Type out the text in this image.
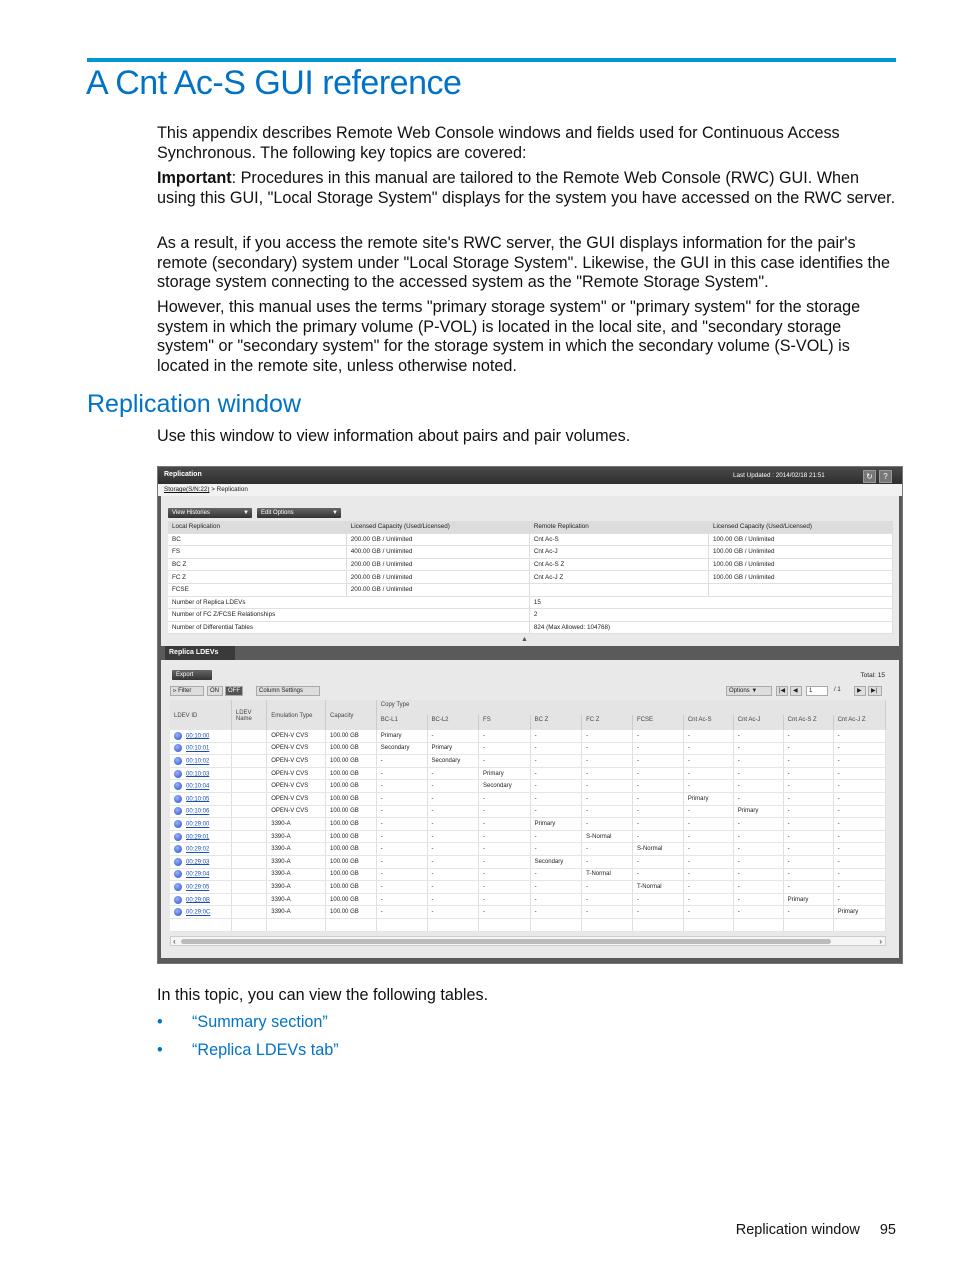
A Cnt Ac-S GUI reference

This appendix describes Remote Web Console windows and fields used for Continuous Access Synchronous. The following key topics are covered:

Important: Procedures in this manual are tailored to the Remote Web Console (RWC) GUI. When using this GUI, "Local Storage System" displays for the system you have accessed on the RWC server.

As a result, if you access the remote site's RWC server, the GUI displays information for the pair's remote (secondary) system under "Local Storage System". Likewise, the GUI in this case identifies the storage system connecting to the accessed system as the "Remote Storage System".

However, this manual uses the terms "primary storage system" or "primary system" for the storage system in which the primary volume (P-VOL) is located in the local site, and "secondary storage system" or "secondary system" for the storage system in which the secondary volume (S-VOL) is located in the remote site, unless otherwise noted.

Replication window
Use this window to view information about pairs and pair volumes.
Replication	Last Updated : 2014/02/18 21:51	↻	?
Storage(S/N:22) > Replication
View Histories	▼	Edit Options	▼
Local Replication	Licensed Capacity (Used/Licensed)	Remote Replication	Licensed Capacity (Used/Licensed)
BC	200.00 GB / Unlimited	Cnt Ac-S	100.00 GB / Unlimited
FS	400.00 GB / Unlimited	Cnt Ac-J	100.00 GB / Unlimited
BC Z	200.00 GB / Unlimited	Cnt Ac-S Z	100.00 GB / Unlimited
FC Z	200.00 GB / Unlimited	Cnt Ac-J Z	100.00 GB / Unlimited
FCSE	200.00 GB / Unlimited		
Number of Replica LDEVs		15	
Number of FC Z/FCSE Relationships		2	
Number of Differential Tables		824 (Max Allowed: 104768)	
▲
Replica LDEVs
Export	Total: 15
⪧ Filter	ON	OFF	Column Settings	Options ▼	|◀	◀	1	/ 1	▶	▶|
LDEV ID	LDEV Name	Emulation Type	Capacity	Copy Type									
				BC-L1	BC-L2	FS	BC Z	FC Z	FCSE	Cnt Ac-S	Cnt Ac-J	Cnt Ac-S Z	Cnt Ac-J Z
00:10:00		OPEN-V CVS	100.00 GB	Primary	-	-	-	-	-	-	-	-	-
00:10:01		OPEN-V CVS	100.00 GB	Secondary	Primary	-	-	-	-	-	-	-	-
00:10:02		OPEN-V CVS	100.00 GB	-	Secondary	-	-	-	-	-	-	-	-
00:10:03		OPEN-V CVS	100.00 GB	-	-	Primary	-	-	-	-	-	-	-
00:10:04		OPEN-V CVS	100.00 GB	-	-	Secondary	-	-	-	-	-	-	-
00:10:05		OPEN-V CVS	100.00 GB	-	-	-	-	-	-	Primary	-	-	-
00:10:06		OPEN-V CVS	100.00 GB	-	-	-	-	-	-	-	Primary	-	-
00:29:00		3390-A	100.00 GB	-	-	-	Primary	-	-	-	-	-	-
00:29:01		3390-A	100.00 GB	-	-	-	-	S-Normal	-	-	-	-	-
00:29:02		3390-A	100.00 GB	-	-	-	-	-	S-Normal	-	-	-	-
00:29:03		3390-A	100.00 GB	-	-	-	Secondary	-	-	-	-	-	-
00:29:04		3390-A	100.00 GB	-	-	-	-	T-Normal	-	-	-	-	-
00:29:05		3390-A	100.00 GB	-	-	-	-	-	T-Normal	-	-	-	-
00:29:0B		3390-A	100.00 GB	-	-	-	-	-	-	-	-	Primary	-
00:29:0C		3390-A	100.00 GB	-	-	-	-	-	-	-	-	-	Primary

‹	›
In this topic, you can view the following tables.
• “Summary section”
• “Replica LDEVs tab”
Replication window 95
